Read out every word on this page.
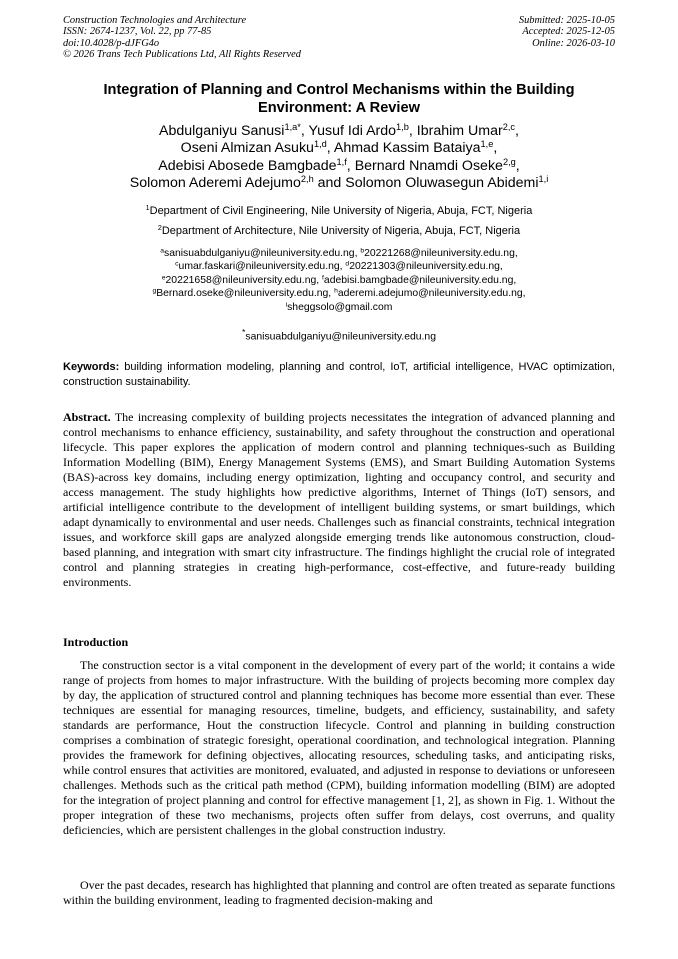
Construction Technologies and Architecture
ISSN: 2674-1237, Vol. 22, pp 77-85
doi:10.4028/p-dJFG4o
© 2026 Trans Tech Publications Ltd, All Rights Reserved
Submitted: 2025-10-05
Accepted: 2025-12-05
Online: 2026-03-10
Integration of Planning and Control Mechanisms within the Building Environment: A Review
Abdulganiyu Sanusi$^{1,a*}$, Yusuf Idi Ardo$^{1,b}$, Ibrahim Umar$^{2,c}$,
Oseni Almizan Asuku$^{1,d}$, Ahmad Kassim Bataiya$^{1,e}$,
Adebisi Abosede Bamgbade$^{1,f}$, Bernard Nnamdi Oseke$^{2,g}$,
Solomon Aderemi Adejumo$^{2,h}$ and Solomon Oluwasegun Abidemi$^{1,i}$
$^1$Department of Civil Engineering, Nile University of Nigeria, Abuja, FCT, Nigeria
$^2$Department of Architecture, Nile University of Nigeria, Abuja, FCT, Nigeria
$^a$sanisuabdulganiyu@nileuniversity.edu.ng, $^b$20221268@nileuniversity.edu.ng,
$^c$umar.faskari@nileuniversity.edu.ng, $^d$20221303@nileuniversity.edu.ng,
$^e$20221658@nileuniversity.edu.ng, $^f$adebisi.bamgbade@nileuniversity.edu.ng,
$^g$Bernard.oseke@nileuniversity.edu.ng, $^h$aderemi.adejumo@nileuniversity.edu.ng,
$^i$sheggsolo@gmail.com
*sanisuabdulganiyu@nileuniversity.edu.ng
Keywords: building information modeling, planning and control, IoT, artificial intelligence, HVAC optimization, construction sustainability.
Abstract. The increasing complexity of building projects necessitates the integration of advanced planning and control mechanisms to enhance efficiency, sustainability, and safety throughout the construction and operational lifecycle. This paper explores the application of modern control and planning techniques-such as Building Information Modelling (BIM), Energy Management Systems (EMS), and Smart Building Automation Systems (BAS)-across key domains, including energy optimization, lighting and occupancy control, and security and access management. The study highlights how predictive algorithms, Internet of Things (IoT) sensors, and artificial intelligence contribute to the development of intelligent building systems, or smart buildings, which adapt dynamically to environmental and user needs. Challenges such as financial constraints, technical integration issues, and workforce skill gaps are analyzed alongside emerging trends like autonomous construction, cloud-based planning, and integration with smart city infrastructure. The findings highlight the crucial role of integrated control and planning strategies in creating high-performance, cost-effective, and future-ready building environments.
Introduction
The construction sector is a vital component in the development of every part of the world; it contains a wide range of projects from homes to major infrastructure. With the building of projects becoming more complex day by day, the application of structured control and planning techniques has become more essential than ever. These techniques are essential for managing resources, timeline, budgets, and efficiency, sustainability, and safety standards are performance, Hout the construction lifecycle. Control and planning in building construction comprises a combination of strategic foresight, operational coordination, and technological integration. Planning provides the framework for defining objectives, allocating resources, scheduling tasks, and anticipating risks, while control ensures that activities are monitored, evaluated, and adjusted in response to deviations or unforeseen challenges. Methods such as the critical path method (CPM), building information modelling (BIM) are adopted for the integration of project planning and control for effective management [1, 2], as shown in Fig. 1. Without the proper integration of these two mechanisms, projects often suffer from delays, cost overruns, and quality deficiencies, which are persistent challenges in the global construction industry.
Over the past decades, research has highlighted that planning and control are often treated as separate functions within the building environment, leading to fragmented decision-making and
